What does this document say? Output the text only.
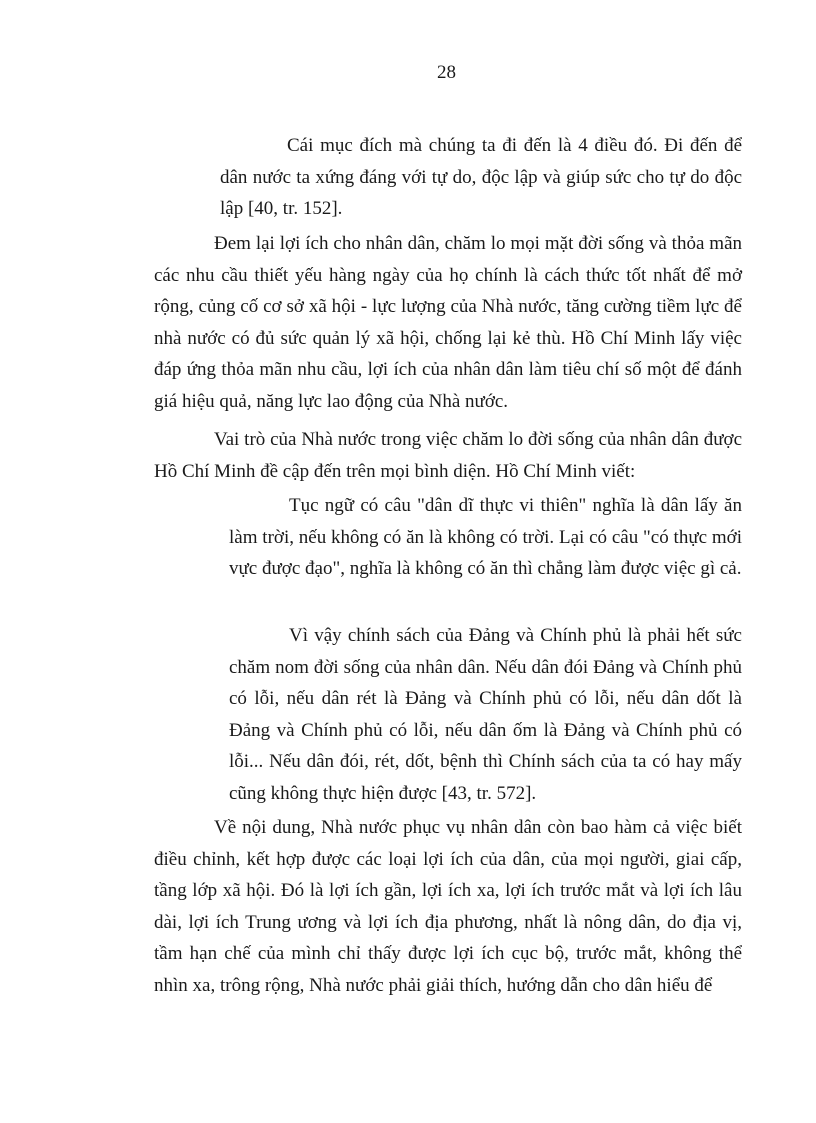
28

Cái mục đích mà chúng ta đi đến là 4 điều đó. Đi đến để dân nước ta xứng đáng với tự do, độc lập và giúp sức cho tự do độc lập [40, tr. 152].

Đem lại lợi ích cho nhân dân, chăm lo mọi mặt đời sống và thỏa mãn các nhu cầu thiết yếu hàng ngày của họ chính là cách thức tốt nhất để mở rộng, củng cố cơ sở xã hội - lực lượng của Nhà nước, tăng cường tiềm lực để nhà nước có đủ sức quản lý xã hội, chống lại kẻ thù. Hồ Chí Minh lấy việc đáp ứng thỏa mãn nhu cầu, lợi ích của nhân dân làm tiêu chí số một để đánh giá hiệu quả, năng lực lao động của Nhà nước.

Vai trò của Nhà nước trong việc chăm lo đời sống của nhân dân được Hồ Chí Minh đề cập đến trên mọi bình diện. Hồ Chí Minh viết:

Tục ngữ có câu "dân dĩ thực vi thiên" nghĩa là dân lấy ăn làm trời, nếu không có ăn là không có trời. Lại có câu "có thực mới vực được đạo", nghĩa là không có ăn thì chẳng làm được việc gì cả.

Vì vậy chính sách của Đảng và Chính phủ là phải hết sức chăm nom đời sống của nhân dân. Nếu dân đói Đảng và Chính phủ có lỗi, nếu dân rét là Đảng và Chính phủ có lỗi, nếu dân dốt là Đảng và Chính phủ có lỗi, nếu dân ốm là Đảng và Chính phủ có lỗi... Nếu dân đói, rét, dốt, bệnh thì Chính sách của ta có hay mấy cũng không thực hiện được [43, tr. 572].

Về nội dung, Nhà nước phục vụ nhân dân còn bao hàm cả việc biết điều chỉnh, kết hợp được các loại lợi ích của dân, của mọi người, giai cấp, tầng lớp xã hội. Đó là lợi ích gần, lợi ích xa, lợi ích trước mắt và lợi ích lâu dài, lợi ích Trung ương và lợi ích địa phương, nhất là nông dân, do địa vị, tầm hạn chế của mình chỉ thấy được lợi ích cục bộ, trước mắt, không thể nhìn xa, trông rộng, Nhà nước phải giải thích, hướng dẫn cho dân hiểu để
